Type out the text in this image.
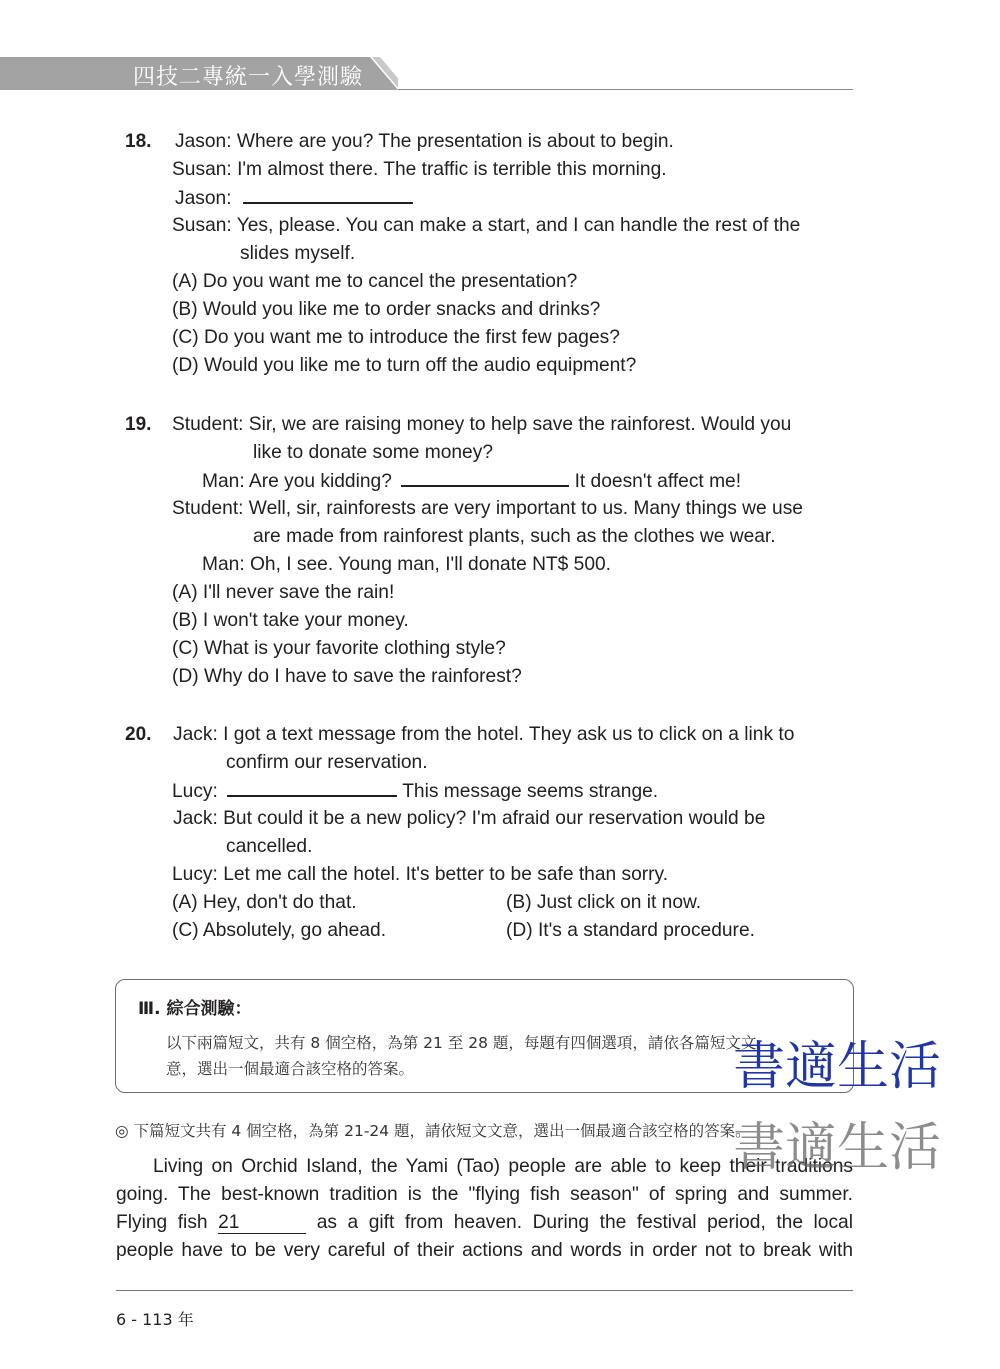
四技二專統一入學測驗
18. Jason: Where are you? The presentation is about to begin.
Susan: I'm almost there. The traffic is terrible this morning.
Jason:
Susan: Yes, please. You can make a start, and I can handle the rest of the
slides myself.
(A) Do you want me to cancel the presentation?
(B) Would you like me to order snacks and drinks?
(C) Do you want me to introduce the first few pages?
(D) Would you like me to turn off the audio equipment?
19. Student: Sir, we are raising money to help save the rainforest. Would you
like to donate some money?
Man: Are you kidding?	It doesn't affect me!
Student: Well, sir, rainforests are very important to us. Many things we use
are made from rainforest plants, such as the clothes we wear.
Man: Oh, I see. Young man, I'll donate NT$ 500.
(A) I'll never save the rain!
(B) I won't take your money.
(C) What is your favorite clothing style?
(D) Why do I have to save the rainforest?
20. Jack: I got a text message from the hotel. They ask us to click on a link to
confirm our reservation.
Lucy:	This message seems strange.
Jack: But could it be a new policy? I'm afraid our reservation would be
cancelled.
Lucy: Let me call the hotel. It's better to be safe than sorry.
(A) Hey, don't do that.	(B) Just click on it now.
(C) Absolutely, go ahead.	(D) It's a standard procedure.
Ⅲ. 綜合測驗：
以下兩篇短文，共有 8 個空格，為第 21 至 28 題，每題有四個選項，請依各篇短文文
意，選出一個最適合該空格的答案。
◎ 下篇短文共有 4 個空格，為第 21-24 題，請依短文文意，選出一個最適合該空格的答案。
Living on Orchid Island, the Yami (Tao) people are able to keep their traditions
going. The best-known tradition is the "flying fish season" of spring and summer.
Flying fish 21	as a gift from heaven. During the festival period, the local
people have to be very careful of their actions and words in order not to break with
書適生活
書適生活
6 - 113 年
